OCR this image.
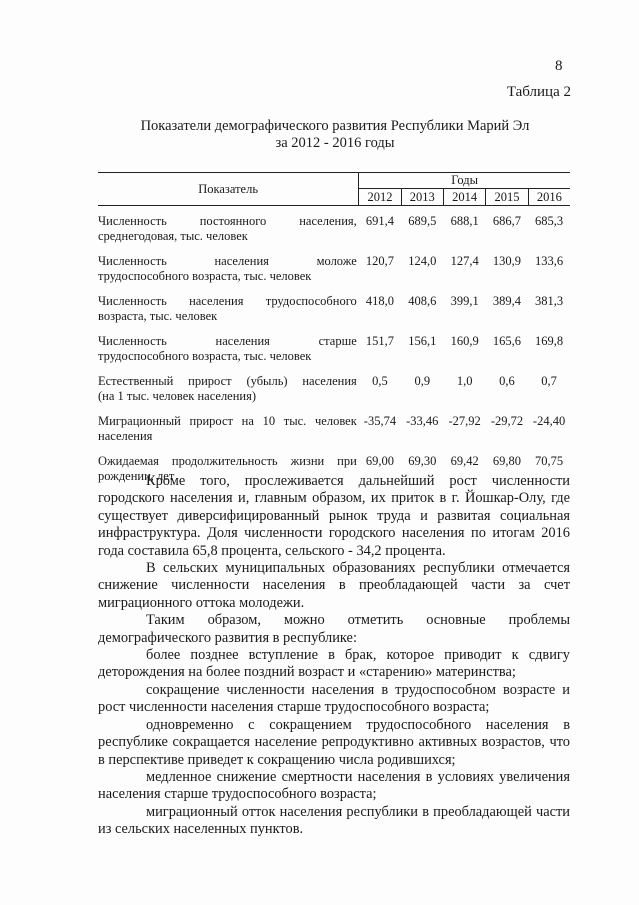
8
Таблица 2
Показатели демографического развития Республики Марий Эл
за 2012 - 2016 годы
Показатель	Годы				
	2012	2013	2014	2015	2016
Численность постоянного населения,
среднегодовая, тыс. человек	691,4	689,5	688,1	686,7	685,3
Численность населения моложе
трудоспособного возраста, тыс. человек	120,7	124,0	127,4	130,9	133,6
Численность населения трудоспособного
возраста, тыс. человек	418,0	408,6	399,1	389,4	381,3
Численность населения старше
трудоспособного возраста, тыс. человек	151,7	156,1	160,9	165,6	169,8
Естественный прирост (убыль) населения
(на 1 тыс. человек населения)	0,5	0,9	1,0	0,6	0,7
Миграционный прирост на 10 тыс. человек
населения	-35,74	-33,46	-27,92	-29,72	-24,40
Ожидаемая продолжительность жизни при
рождении, лет	69,00	69,30	69,42	69,80	70,75

Кроме того, прослеживается дальнейший рост численности городского населения и, главным образом, их приток в г. Йошкар-Олу, где существует диверсифицированный рынок труда и развитая социальная инфраструктура. Доля численности городского населения по итогам 2016 года составила 65,8 процента, сельского - 34,2 процента.

В сельских муниципальных образованиях республики отмечается снижение численности населения в преобладающей части за счет миграционного оттока молодежи.

Таким образом, можно отметить основные проблемы демографического развития в республике:

более позднее вступление в брак, которое приводит к сдвигу деторождения на более поздний возраст и «старению» материнства;

сокращение численности населения в трудоспособном возрасте и рост численности населения старше трудоспособного возраста;

одновременно с сокращением трудоспособного населения в республике сокращается население репродуктивно активных возрастов, что в перспективе приведет к сокращению числа родившихся;

медленное снижение смертности населения в условиях увеличения населения старше трудоспособного возраста;

миграционный отток населения республики в преобладающей части из сельских населенных пунктов.
